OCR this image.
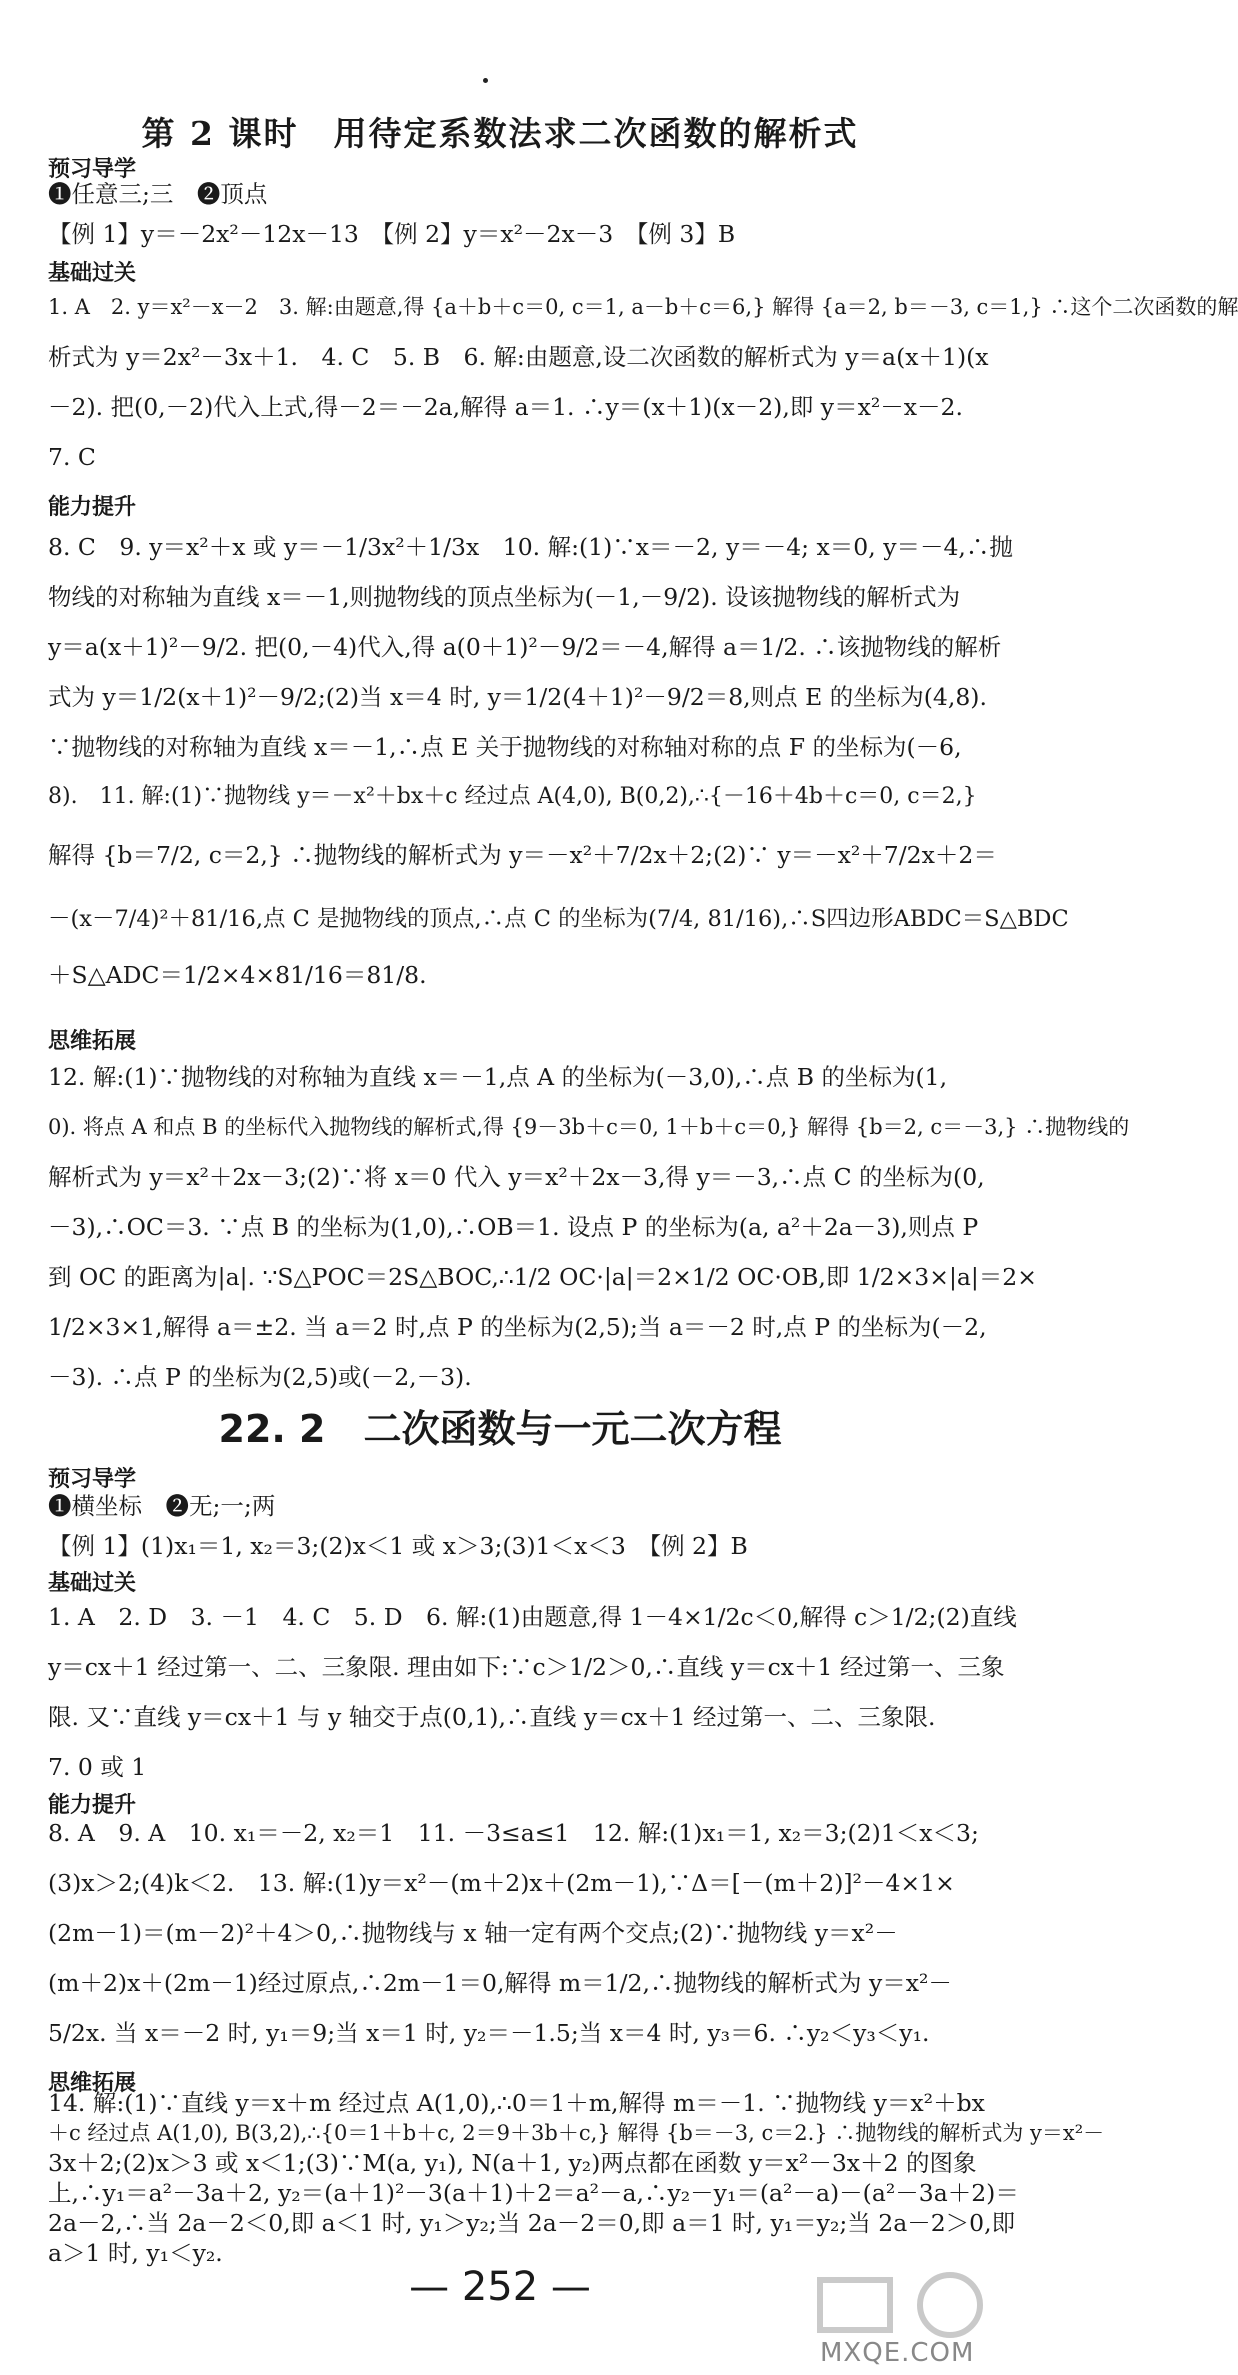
第 2 课时　用待定系数法求二次函数的解析式
预习导学

❶任意三;三　❷顶点

【例 1】y＝－2x²－12x－13　【例 2】y＝x²－2x－3　【例 3】B

基础过关

1. A　2. y＝x²－x－2　3. 解:由题意,得 {a＋b＋c＝0, c＝1, a－b＋c＝6,} 解得 {a＝2, b＝－3, c＝1,} ∴这个二次函数的解

析式为 y＝2x²－3x＋1.　4. C　5. B　6. 解:由题意,设二次函数的解析式为 y＝a(x＋1)(x

－2). 把(0,－2)代入上式,得－2＝－2a,解得 a＝1. ∴y＝(x＋1)(x－2),即 y＝x²－x－2.

7. C

能力提升

8. C　9. y＝x²＋x 或 y＝－1/3x²＋1/3x　10. 解:(1)∵x＝－2, y＝－4; x＝0, y＝－4,∴抛

物线的对称轴为直线 x＝－1,则抛物线的顶点坐标为(－1,－9/2). 设该抛物线的解析式为

y＝a(x＋1)²－9/2. 把(0,－4)代入,得 a(0＋1)²－9/2＝－4,解得 a＝1/2. ∴该抛物线的解析

式为 y＝1/2(x＋1)²－9/2;(2)当 x＝4 时, y＝1/2(4＋1)²－9/2＝8,则点 E 的坐标为(4,8).

∵抛物线的对称轴为直线 x＝－1,∴点 E 关于抛物线的对称轴对称的点 F 的坐标为(－6,

8).　11. 解:(1)∵抛物线 y＝－x²＋bx＋c 经过点 A(4,0), B(0,2),∴{－16＋4b＋c＝0, c＝2,}

解得 {b＝7/2, c＝2,} ∴抛物线的解析式为 y＝－x²＋7/2x＋2;(2)∵ y＝－x²＋7/2x＋2＝

－(x－7/4)²＋81/16,点 C 是抛物线的顶点,∴点 C 的坐标为(7/4, 81/16),∴S四边形ABDC＝S△BDC

＋S△ADC＝1/2×4×81/16＝81/8.

思维拓展

12. 解:(1)∵抛物线的对称轴为直线 x＝－1,点 A 的坐标为(－3,0),∴点 B 的坐标为(1,

0). 将点 A 和点 B 的坐标代入抛物线的解析式,得 {9－3b＋c＝0, 1＋b＋c＝0,} 解得 {b＝2, c＝－3,} ∴抛物线的

解析式为 y＝x²＋2x－3;(2)∵将 x＝0 代入 y＝x²＋2x－3,得 y＝－3,∴点 C 的坐标为(0,

－3),∴OC＝3. ∵点 B 的坐标为(1,0),∴OB＝1. 设点 P 的坐标为(a, a²＋2a－3),则点 P

到 OC 的距离为|a|. ∵S△POC＝2S△BOC,∴1/2 OC·|a|＝2×1/2 OC·OB,即 1/2×3×|a|＝2×

1/2×3×1,解得 a＝±2. 当 a＝2 时,点 P 的坐标为(2,5);当 a＝－2 时,点 P 的坐标为(－2,

－3). ∴点 P 的坐标为(2,5)或(－2,－3).

22. 2　二次函数与一元二次方程
预习导学

❶横坐标　❷无;一;两

【例 1】(1)x₁＝1, x₂＝3;(2)x＜1 或 x＞3;(3)1＜x＜3　【例 2】B

基础过关

1. A　2. D　3. －1　4. C　5. D　6. 解:(1)由题意,得 1－4×1/2c＜0,解得 c＞1/2;(2)直线

y＝cx＋1 经过第一、二、三象限. 理由如下:∵c＞1/2＞0,∴直线 y＝cx＋1 经过第一、三象

限. 又∵直线 y＝cx＋1 与 y 轴交于点(0,1),∴直线 y＝cx＋1 经过第一、二、三象限.

7. 0 或 1

能力提升

8. A　9. A　10. x₁＝－2, x₂＝1　11. －3≤a≤1　12. 解:(1)x₁＝1, x₂＝3;(2)1＜x＜3;

(3)x＞2;(4)k＜2.　13. 解:(1)y＝x²－(m＋2)x＋(2m－1),∵Δ＝[－(m＋2)]²－4×1×

(2m－1)＝(m－2)²＋4＞0,∴抛物线与 x 轴一定有两个交点;(2)∵抛物线 y＝x²－

(m＋2)x＋(2m－1)经过原点,∴2m－1＝0,解得 m＝1/2,∴抛物线的解析式为 y＝x²－

5/2x. 当 x＝－2 时, y₁＝9;当 x＝1 时, y₂＝－1.5;当 x＝4 时, y₃＝6. ∴y₂＜y₃＜y₁.

思维拓展

14. 解:(1)∵直线 y＝x＋m 经过点 A(1,0),∴0＝1＋m,解得 m＝－1. ∵抛物线 y＝x²＋bx

＋c 经过点 A(1,0), B(3,2),∴{0＝1＋b＋c, 2＝9＋3b＋c,} 解得 {b＝－3, c＝2.} ∴抛物线的解析式为 y＝x²－

3x＋2;(2)x＞3 或 x＜1;(3)∵M(a, y₁), N(a＋1, y₂)两点都在函数 y＝x²－3x＋2 的图象

上,∴y₁＝a²－3a＋2, y₂＝(a＋1)²－3(a＋1)＋2＝a²－a,∴y₂－y₁＝(a²－a)－(a²－3a＋2)＝

2a－2,∴当 2a－2＜0,即 a＜1 时, y₁＞y₂;当 2a－2＝0,即 a＝1 时, y₁＝y₂;当 2a－2＞0,即

a＞1 时, y₁＜y₂.

— 252 —
MXQE.COM
